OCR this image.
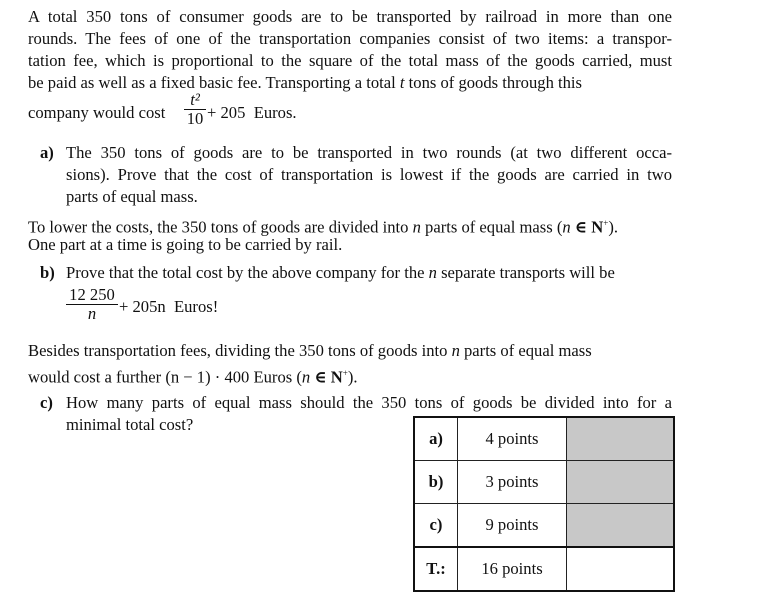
A total 350 tons of consumer goods are to be transported by railroad in more than one
rounds. The fees of one of the transportation companies consist of two items: a transpor-
tation fee, which is proportional to the square of the total mass of the goods carried, must
be paid as well as a fixed basic fee. Transporting a total t tons of goods through this
company would cost $\frac{\text{t²}}{10} + 205$  Euros.
a) The 350 tons of goods are to be transported in two rounds (at two different occa-
sions). Prove that the cost of transportation is lowest if the goods are carried in two
parts of equal mass.
To lower the costs, the 350 tons of goods are divided into n parts of equal mass (n ∈ N+).
One part at a time is going to be carried by rail.
b) Prove that the total cost by the above company for the n separate transports will be
$\frac{12 250}{n} + 205n$  Euros!
Besides transportation fees, dividing the 350 tons of goods into n parts of equal mass
would cost a further (n − 1) · 400 Euros (n ∈ N+).
c) How many parts of equal mass should the 350 tons of goods be divided into for a
minimal total cost?
a)	4 points	
b)	3 points	
c)	9 points	
T.:	16 points	
